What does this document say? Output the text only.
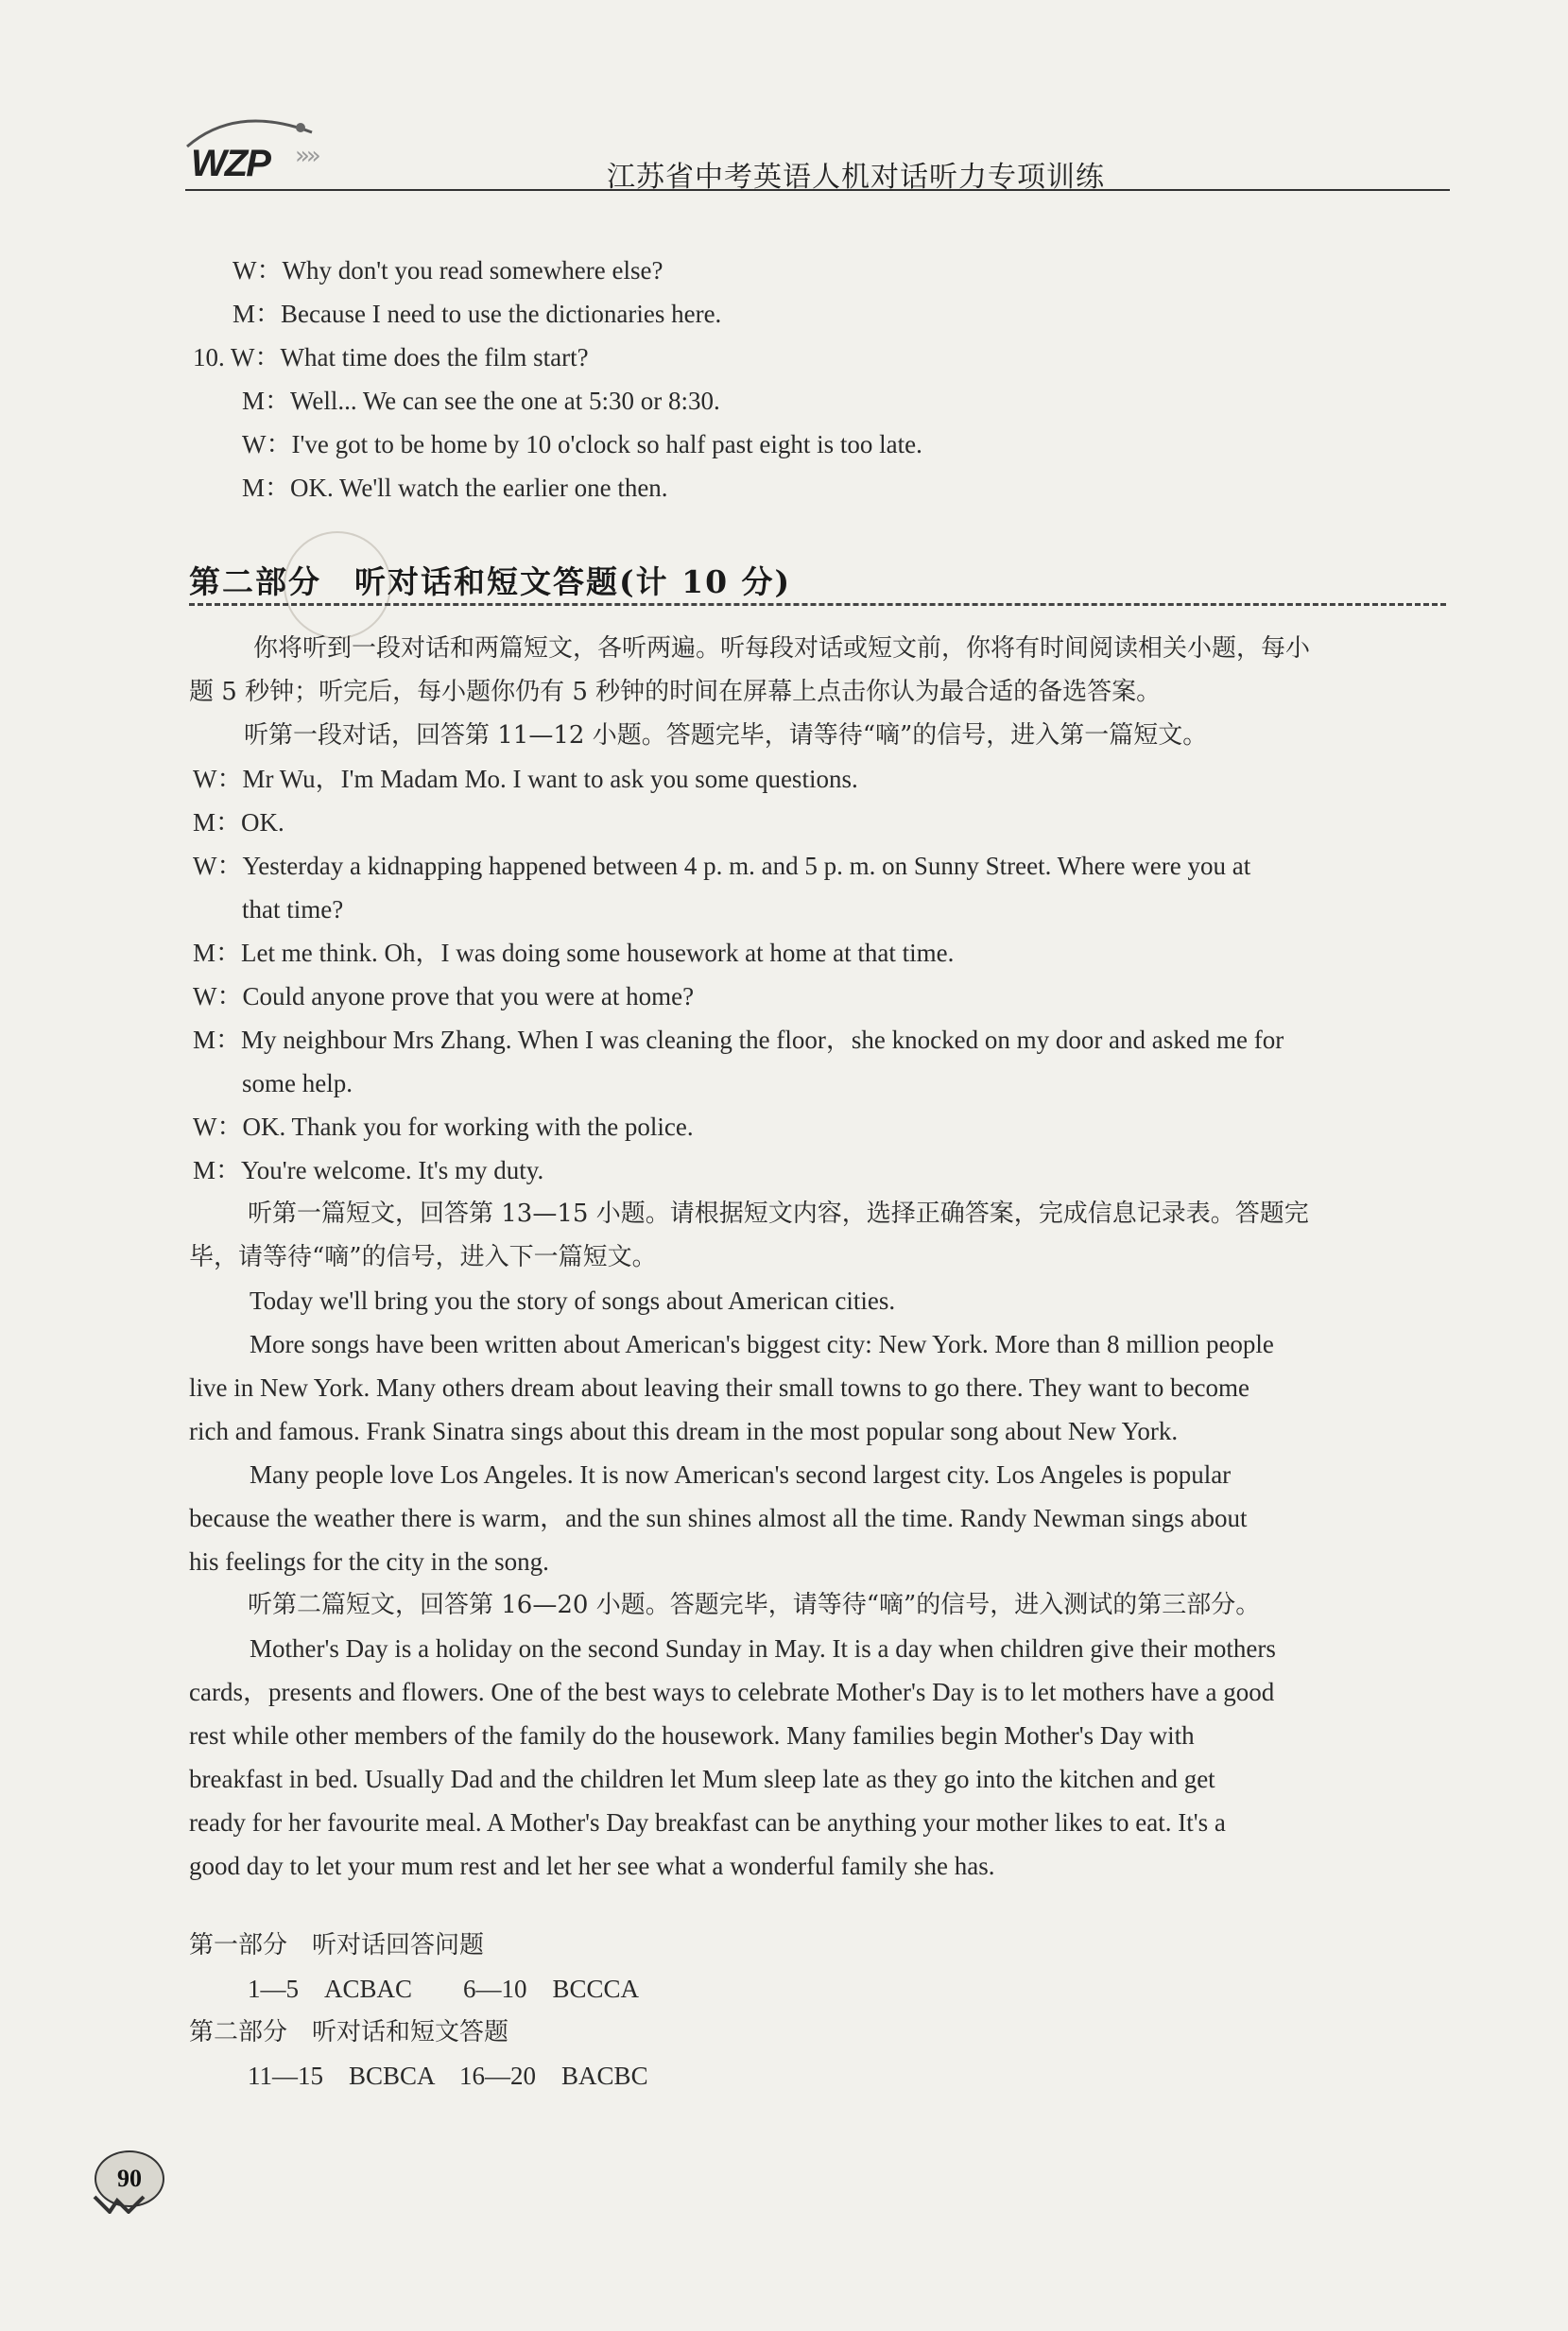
WZP »»
江苏省中考英语人机对话听力专项训练
W：Why don't you read somewhere else?
M：Because I need to use the dictionaries here.
10. W：What time does the film start?
M：Well... We can see the one at 5:30 or 8:30.
W：I've got to be home by 10 o'clock so half past eight is too late.
M：OK. We'll watch the earlier one then.
第二部分　听对话和短文答题(计 10 分)
你将听到一段对话和两篇短文，各听两遍。听每段对话或短文前，你将有时间阅读相关小题，每小
题 5 秒钟；听完后，每小题你仍有 5 秒钟的时间在屏幕上点击你认为最合适的备选答案。
听第一段对话，回答第 11—12 小题。答题完毕，请等待“嘀”的信号，进入第一篇短文。
W：Mr Wu，I'm Madam Mo. I want to ask you some questions.
M：OK.
W：Yesterday a kidnapping happened between 4 p. m. and 5 p. m. on Sunny Street. Where were you at
that time?
M：Let me think. Oh，I was doing some housework at home at that time.
W：Could anyone prove that you were at home?
M：My neighbour Mrs Zhang. When I was cleaning the floor，she knocked on my door and asked me for
some help.
W：OK. Thank you for working with the police.
M：You're welcome. It's my duty.
听第一篇短文，回答第 13—15 小题。请根据短文内容，选择正确答案，完成信息记录表。答题完
毕，请等待“嘀”的信号，进入下一篇短文。
Today we'll bring you the story of songs about American cities.
More songs have been written about American's biggest city: New York. More than 8 million people
live in New York. Many others dream about leaving their small towns to go there. They want to become
rich and famous. Frank Sinatra sings about this dream in the most popular song about New York.
Many people love Los Angeles. It is now American's second largest city. Los Angeles is popular
because the weather there is warm，and the sun shines almost all the time. Randy Newman sings about
his feelings for the city in the song.
听第二篇短文，回答第 16—20 小题。答题完毕，请等待“嘀”的信号，进入测试的第三部分。
Mother's Day is a holiday on the second Sunday in May. It is a day when children give their mothers
cards，presents and flowers. One of the best ways to celebrate Mother's Day is to let mothers have a good
rest while other members of the family do the housework. Many families begin Mother's Day with
breakfast in bed. Usually Dad and the children let Mum sleep late as they go into the kitchen and get
ready for her favourite meal. A Mother's Day breakfast can be anything your mother likes to eat. It's a
good day to let your mum rest and let her see what a wonderful family she has.
第一部分　听对话回答问题
1—5　ACBAC　　6—10　BCCCA
第二部分　听对话和短文答题
11—15　BCBCA　16—20　BACBC
90
